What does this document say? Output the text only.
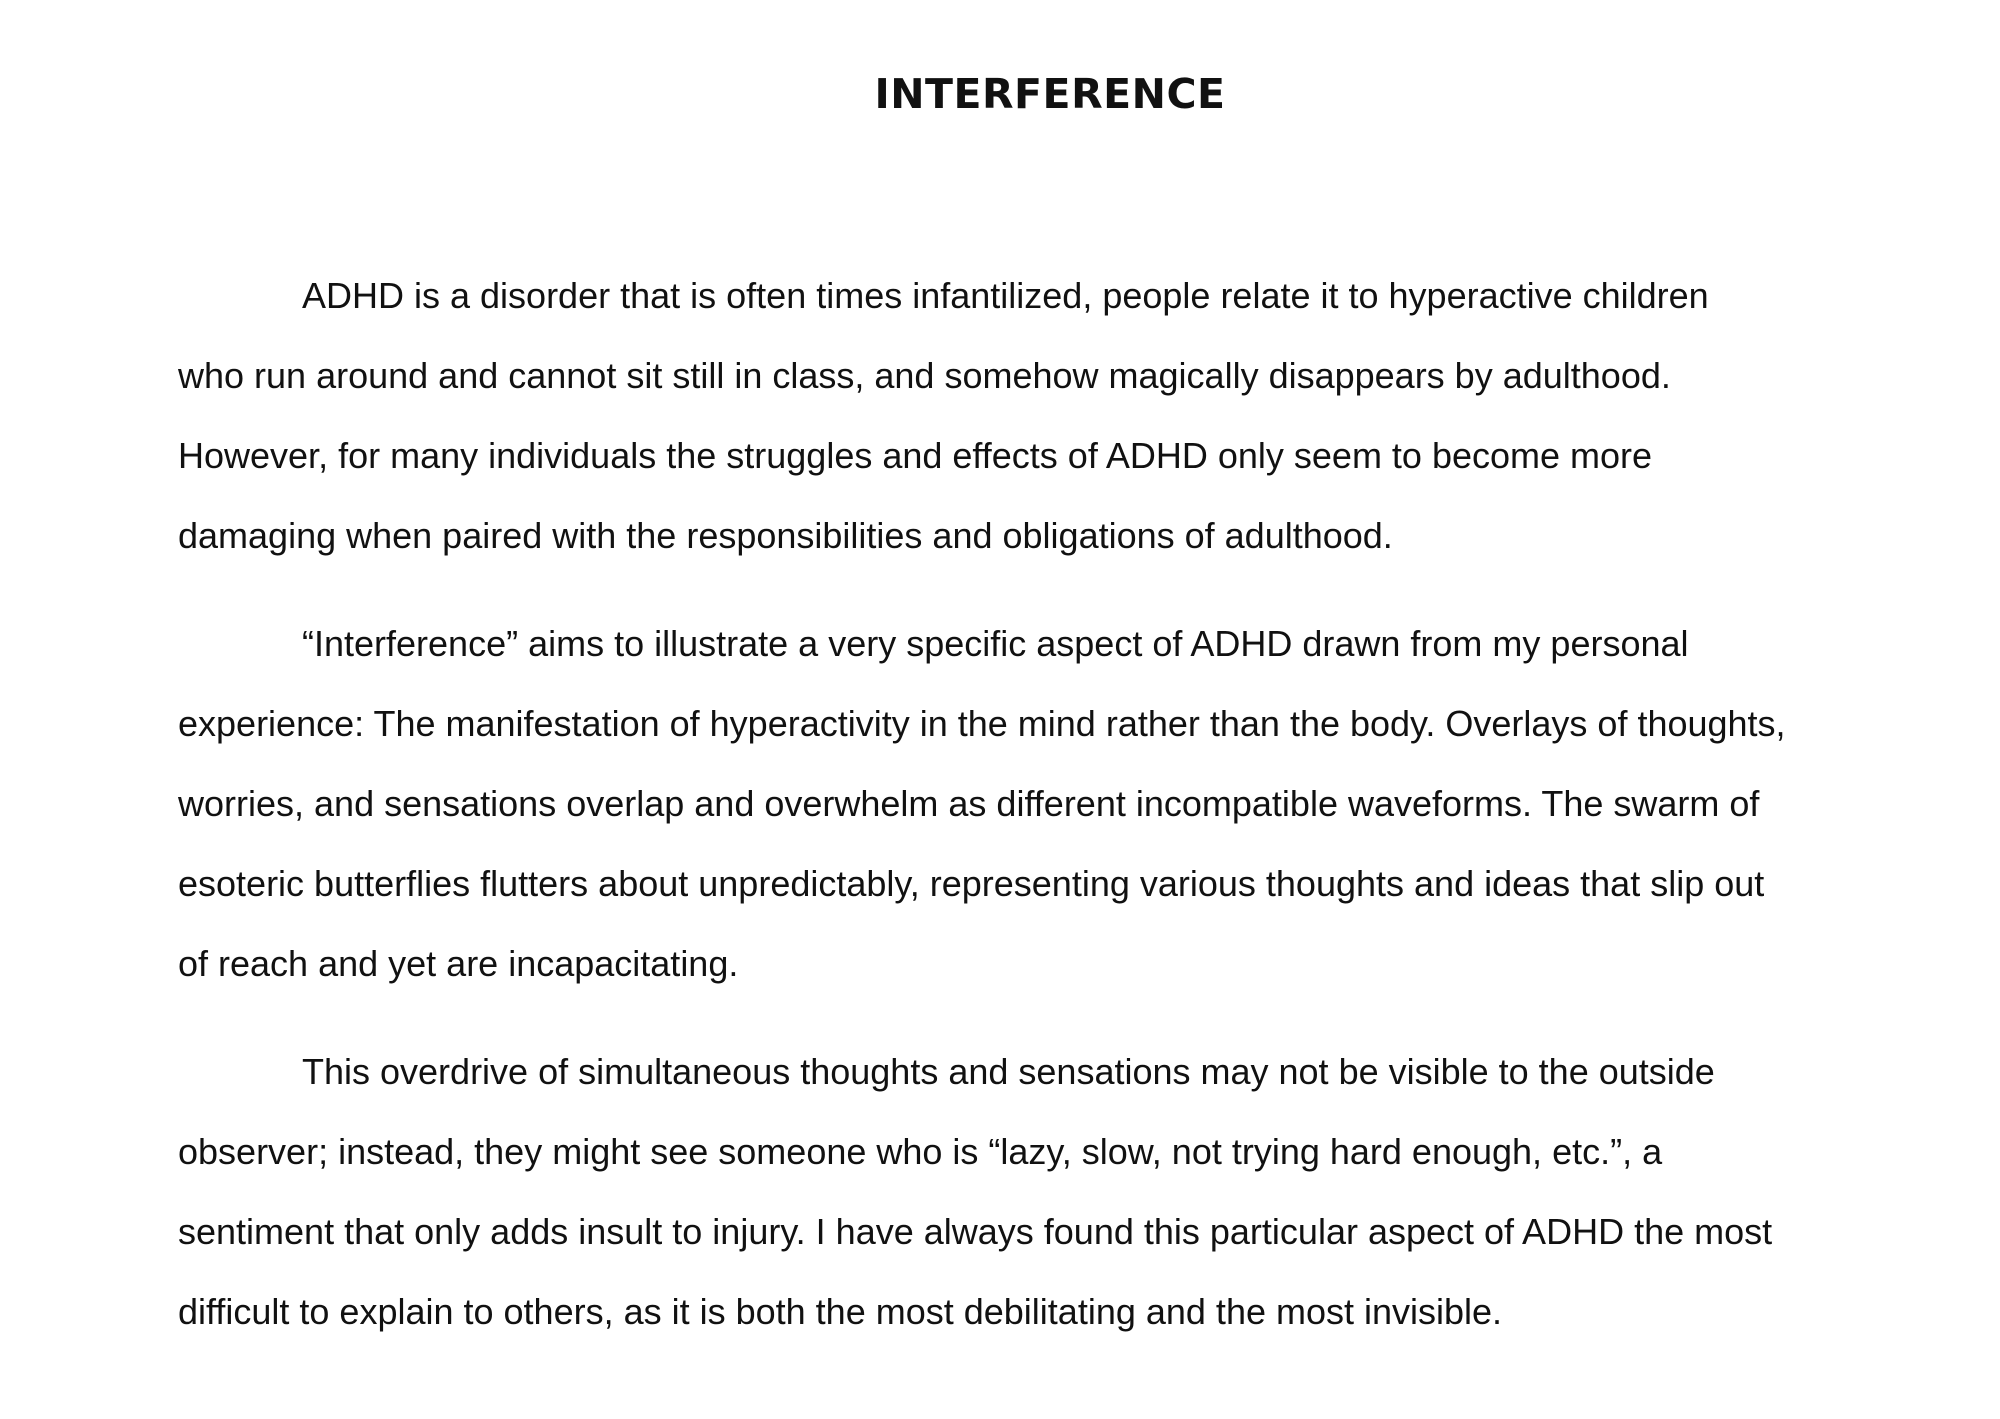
INTERFERENCE

ADHD is a disorder that is often times infantilized, people relate it to hyperactive children
who run around and cannot sit still in class, and somehow magically disappears by adulthood.
However, for many individuals the struggles and effects of ADHD only seem to become more
damaging when paired with the responsibilities and obligations of adulthood.

“Interference” aims to illustrate a very specific aspect of ADHD drawn from my personal
experience: The manifestation of hyperactivity in the mind rather than the body. Overlays of thoughts,
worries, and sensations overlap and overwhelm as different incompatible waveforms. The swarm of
esoteric butterflies flutters about unpredictably, representing various thoughts and ideas that slip out
of reach and yet are incapacitating.

This overdrive of simultaneous thoughts and sensations may not be visible to the outside
observer; instead, they might see someone who is “lazy, slow, not trying hard enough, etc.”, a
sentiment that only adds insult to injury. I have always found this particular aspect of ADHD the most
difficult to explain to others, as it is both the most debilitating and the most invisible.
